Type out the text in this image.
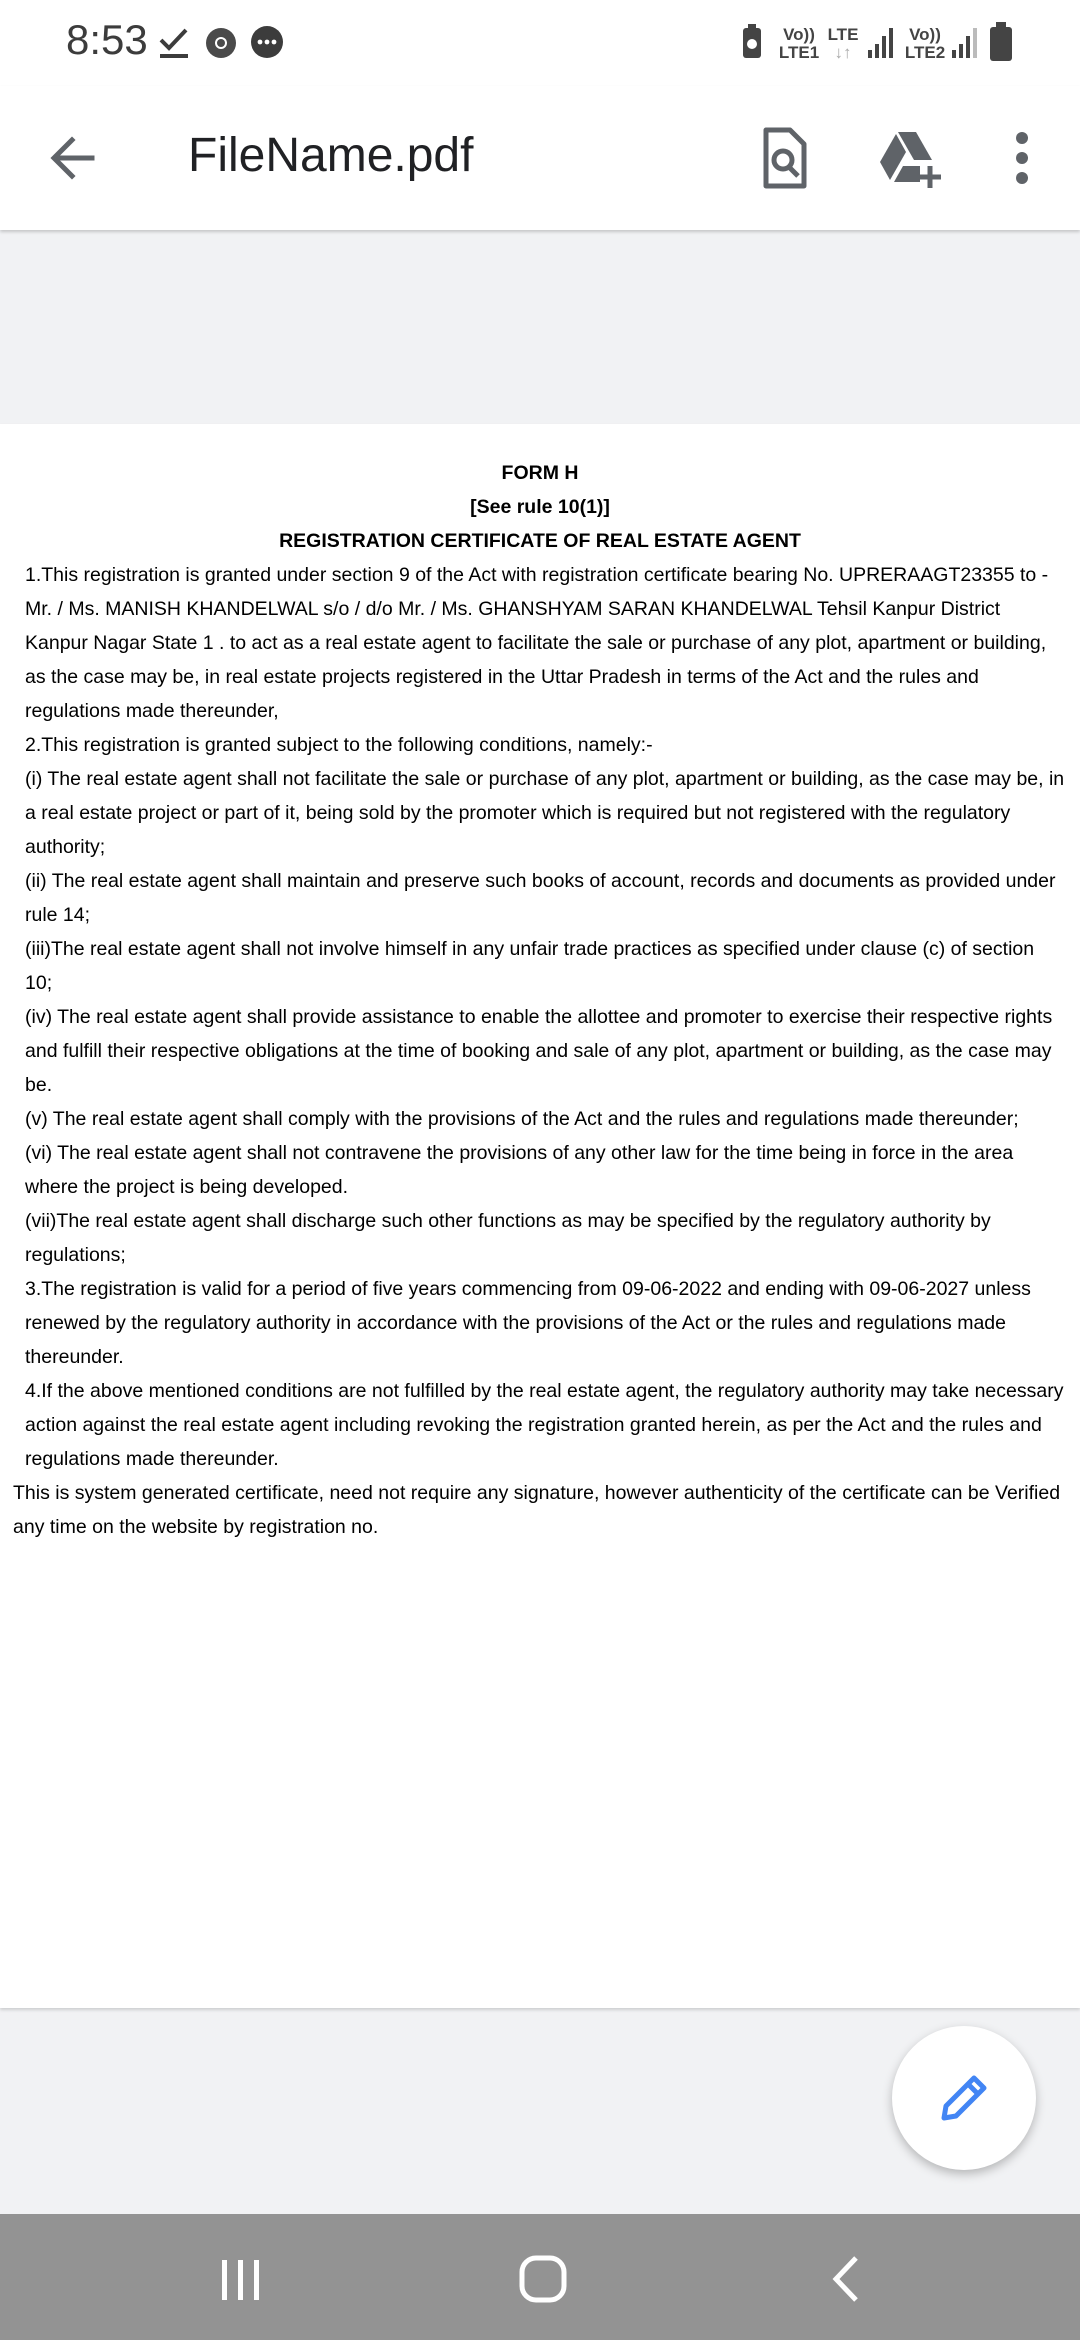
8:53	Vo))
LTE1
LTE
↓↑
Vo))
LTE2
FileName.pdf
FORM H
[See rule 10(1)]
REGISTRATION CERTIFICATE OF REAL ESTATE AGENT

1.This registration is granted under section 9 of the Act with registration certificate bearing No. UPRERAAGT23355 to - Mr. / Ms. MANISH KHANDELWAL s/o / d/o Mr. / Ms. GHANSHYAM SARAN KHANDELWAL Tehsil Kanpur District Kanpur Nagar State 1 . to act as a real estate agent to facilitate the sale or purchase of any plot, apartment or building, as the case may be, in real estate projects registered in the Uttar Pradesh in terms of the Act and the rules and regulations made thereunder,

2.This registration is granted subject to the following conditions, namely:-

(i) The real estate agent shall not facilitate the sale or purchase of any plot, apartment or building, as the case may be, in a real estate project or part of it, being sold by the promoter which is required but not registered with the regulatory authority;

(ii) The real estate agent shall maintain and preserve such books of account, records and documents as provided under rule 14;

(iii)The real estate agent shall not involve himself in any unfair trade practices as specified under clause (c) of section 10;

(iv) The real estate agent shall provide assistance to enable the allottee and promoter to exercise their respective rights and fulfill their respective obligations at the time of booking and sale of any plot, apartment or building, as the case may be.

(v) The real estate agent shall comply with the provisions of the Act and the rules and regulations made thereunder;

(vi) The real estate agent shall not contravene the provisions of any other law for the time being in force in the area where the project is being developed.

(vii)The real estate agent shall discharge such other functions as may be specified by the regulatory authority by regulations;

3.The registration is valid for a period of five years commencing from 09-06-2022 and ending with 09-06-2027 unless renewed by the regulatory authority in accordance with the provisions of the Act or the rules and regulations made thereunder.

4.If the above mentioned conditions are not fulfilled by the real estate agent, the regulatory authority may take necessary action against the real estate agent including revoking the registration granted herein, as per the Act and the rules and regulations made thereunder.

This is system generated certificate, need not require any signature, however authenticity of the certificate can be Verified any time on the website by registration no.
